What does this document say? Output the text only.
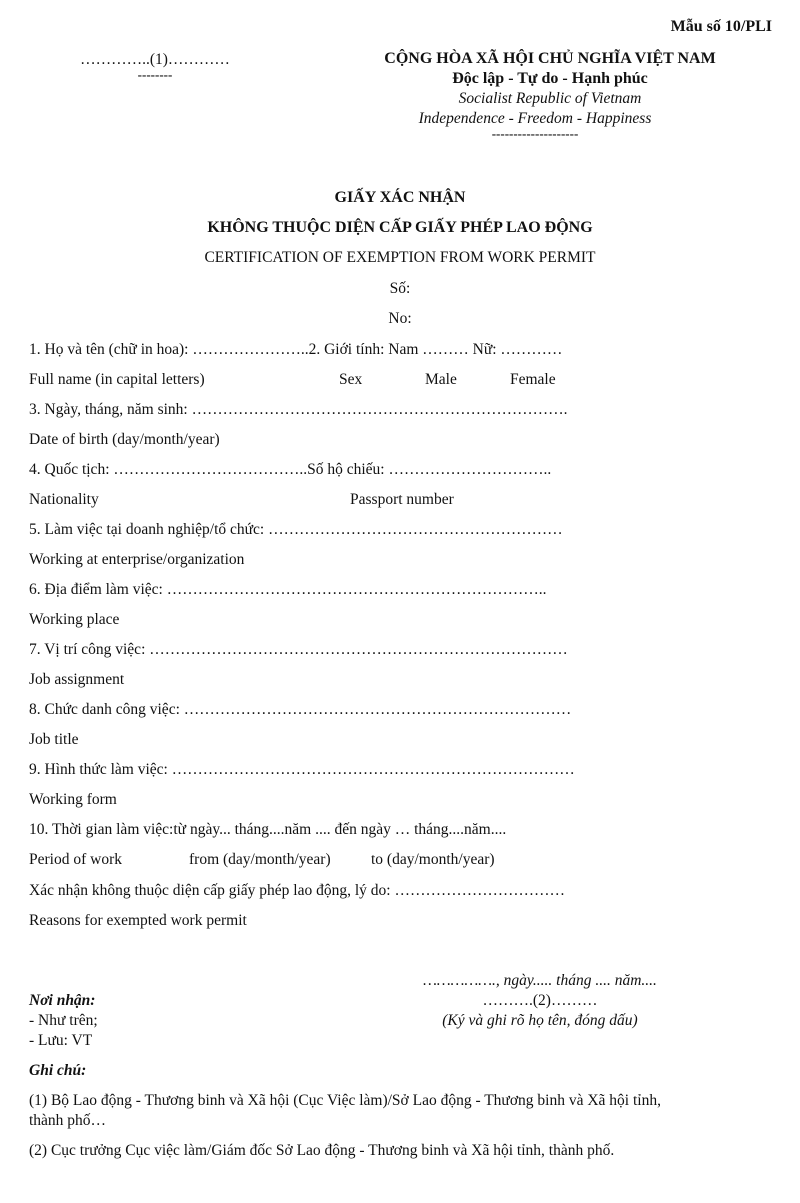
Mẫu số 10/PLI
…………..(1)…………
--------
CỘNG HÒA XÃ HỘI CHỦ NGHĨA VIỆT NAM
Độc lập - Tự do - Hạnh phúc
Socialist Republic of Vietnam
Independence - Freedom - Happiness
--------------------
GIẤY XÁC NHẬN
KHÔNG THUỘC DIỆN CẤP GIẤY PHÉP LAO ĐỘNG
CERTIFICATION OF EXEMPTION FROM WORK PERMIT
Số:
No:
1. Họ và tên (chữ in hoa): …………………..2. Giới tính: Nam ……… Nữ: …………
Full name (in capital letters)	Sex	Male	Female
3. Ngày, tháng, năm sinh: ……………………………………………………………….
Date of birth (day/month/year)
4. Quốc tịch: ………………………………..Số hộ chiếu: …………………………..
Nationality	Passport number
5. Làm việc tại doanh nghiệp/tổ chức: …………………………………………………
Working at enterprise/organization
6. Địa điểm làm việc: ………………………………………………………………..
Working place
7. Vị trí công việc: ………………………………………………………………………
Job assignment
8. Chức danh công việc: …………………………………………………………………
Job title
9. Hình thức làm việc: ……………………………………………………………………
Working form
10. Thời gian làm việc:từ ngày... tháng....năm .... đến ngày … tháng....năm....
Period of work	from (day/month/year)	to (day/month/year)
Xác nhận không thuộc diện cấp giấy phép lao động, lý do: ……………………………
Reasons for exempted work permit
……………., ngày..... tháng .... năm....
……….(2)………
(Ký và ghi rõ họ tên, đóng dấu)
Nơi nhận:
- Như trên;
- Lưu: VT
Ghi chú:
(1) Bộ Lao động - Thương binh và Xã hội (Cục Việc làm)/Sở Lao động - Thương binh và Xã hội tỉnh,
thành phố…
(2) Cục trưởng Cục việc làm/Giám đốc Sở Lao động - Thương binh và Xã hội tỉnh, thành phố.
